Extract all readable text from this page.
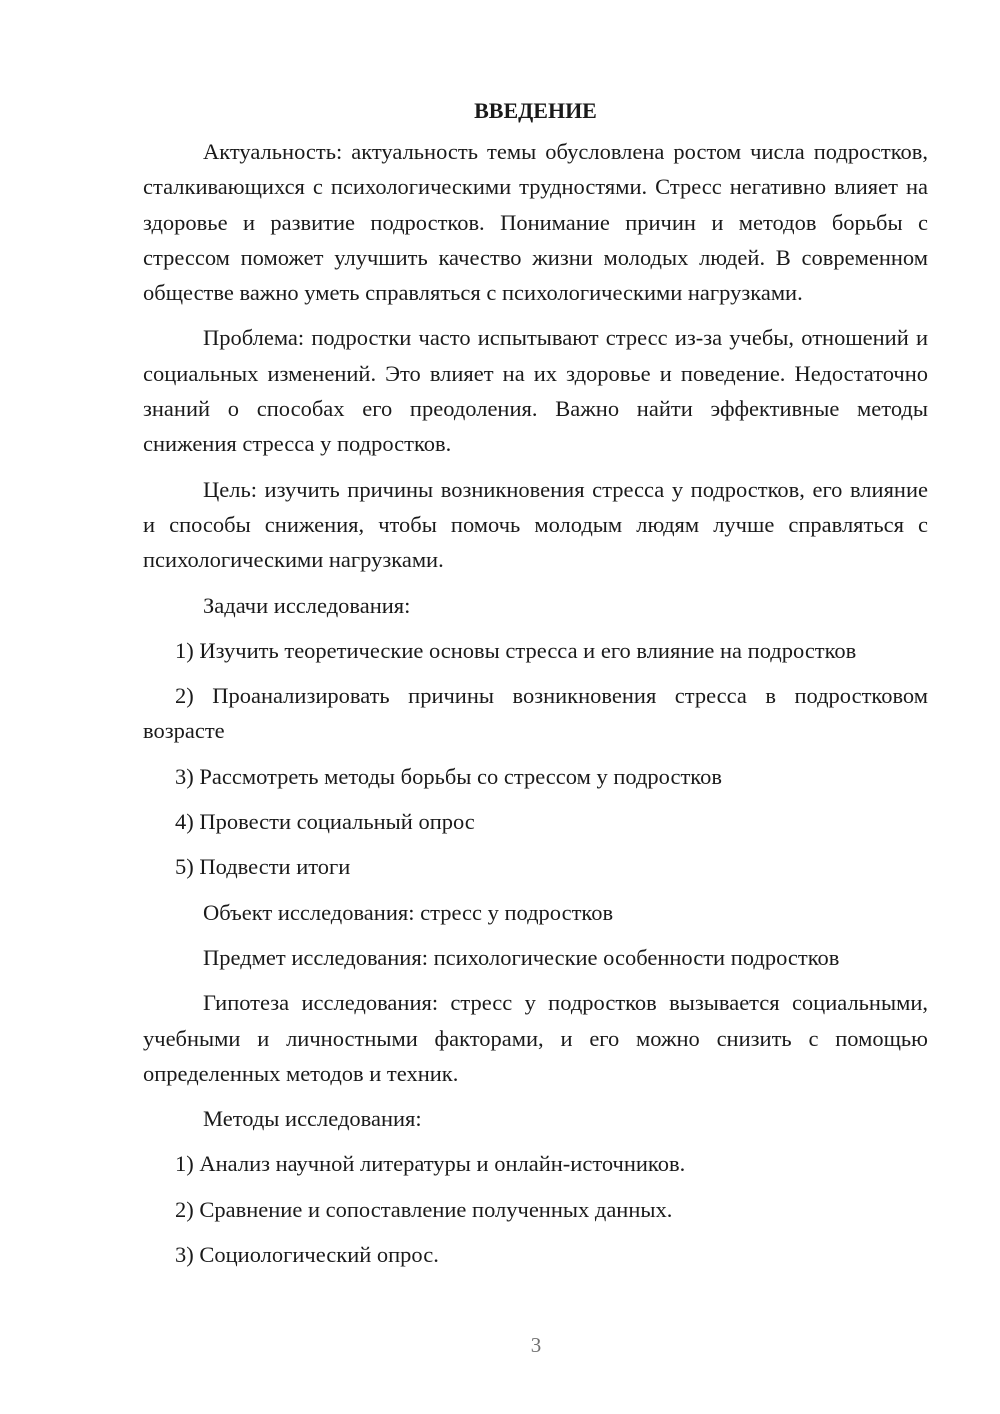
ВВЕДЕНИЕ

Актуальность: актуальность темы обусловлена ростом числа подростков, сталкивающихся с психологическими трудностями. Стресс негативно влияет на здоровье и развитие подростков. Понимание причин и методов борьбы с стрессом поможет улучшить качество жизни молодых людей. В современном обществе важно уметь справляться с психологическими нагрузками.

Проблема: подростки часто испытывают стресс из-за учебы, отношений и социальных изменений. Это влияет на их здоровье и поведение. Недостаточно знаний о способах его преодоления. Важно найти эффективные методы снижения стресса у подростков.

Цель: изучить причины возникновения стресса у подростков, его влияние и способы снижения, чтобы помочь молодым людям лучше справляться с психологическими нагрузками.

Задачи исследования:

1) Изучить теоретические основы стресса и его влияние на подростков

2) Проанализировать причины возникновения стресса в подростковом возрасте

3) Рассмотреть методы борьбы со стрессом у подростков

4) Провести социальный опрос

5) Подвести итоги

Объект исследования: стресс у подростков

Предмет исследования: психологические особенности подростков

Гипотеза исследования: стресс у подростков вызывается социальными, учебными и личностными факторами, и его можно снизить с помощью определенных методов и техник.

Методы исследования:

1) Анализ научной литературы и онлайн-источников.

2) Сравнение и сопоставление полученных данных.

3) Социологический опрос.

3
